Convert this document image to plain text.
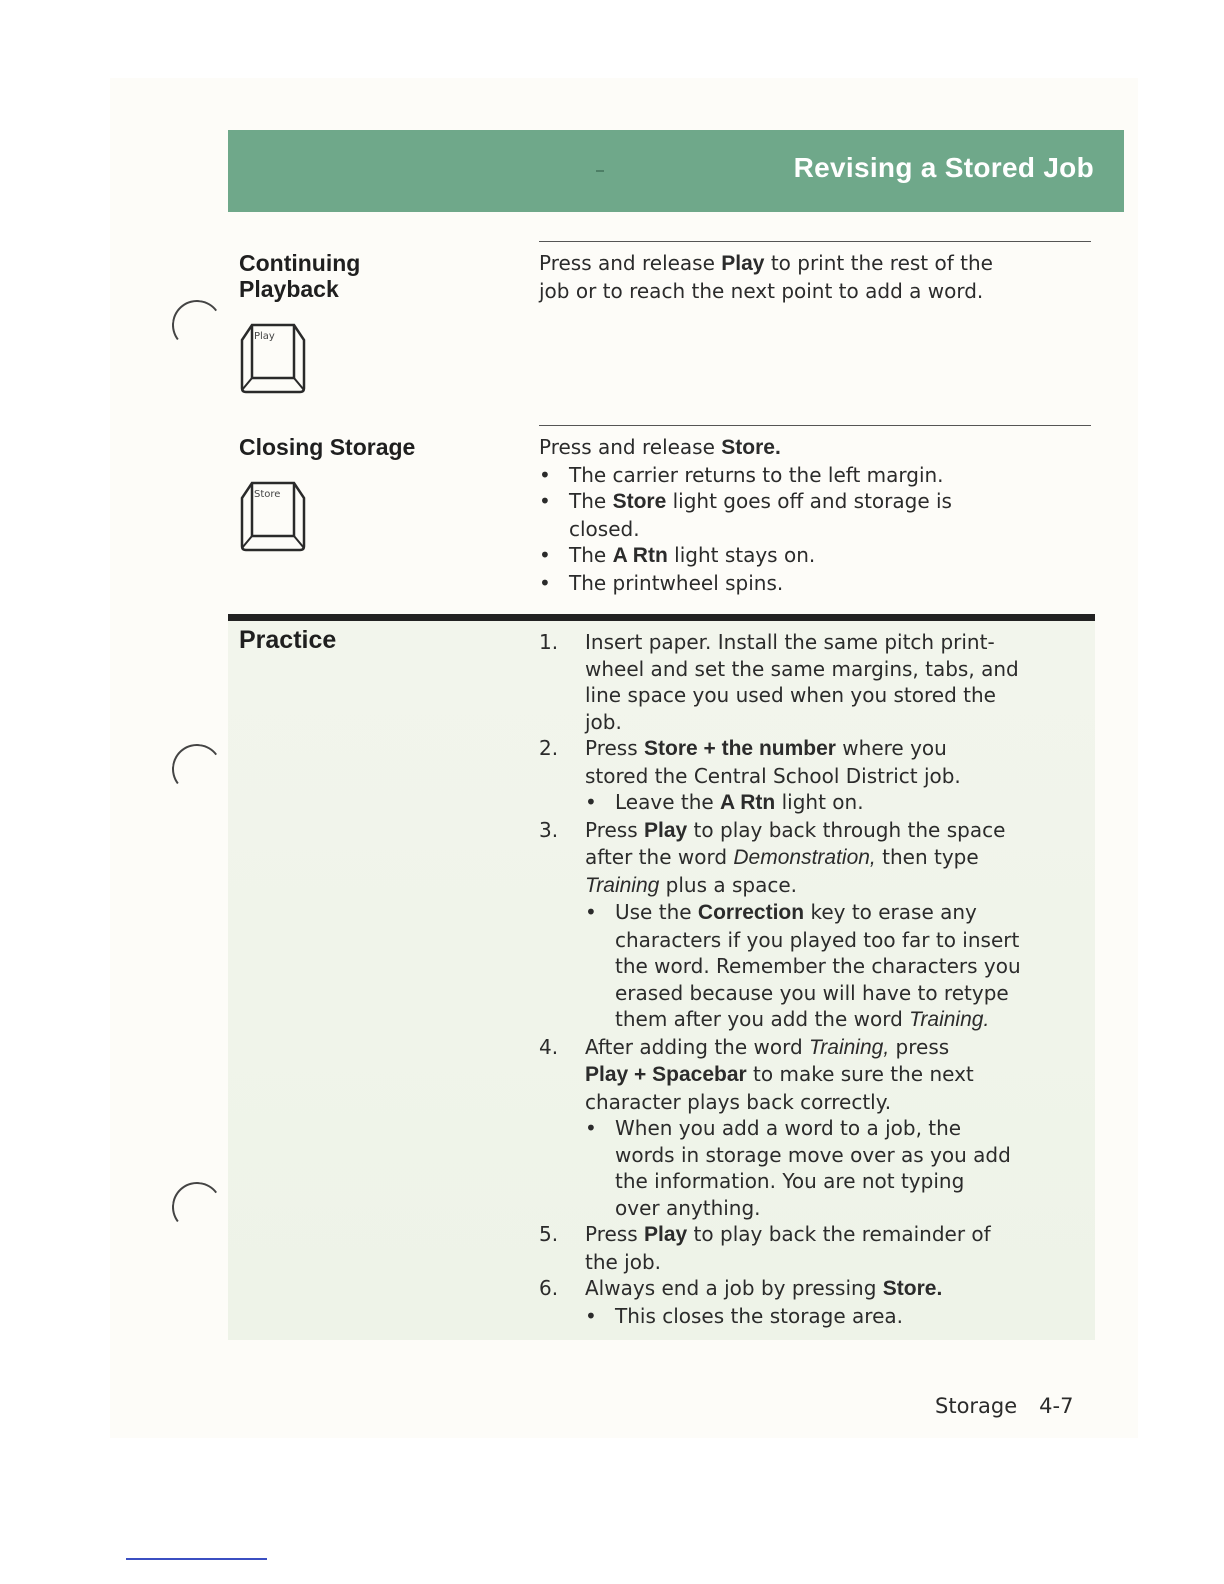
Revising a Stored Job
Continuing
Playback
Play
Press and release Play to print the rest of the
job or to reach the next point to add a word.
Closing Storage
Store
Press and release Store.
• The carrier returns to the left margin.
• The Store light goes off and storage is
closed.
• The A Rtn light stays on.
• The printwheel spins.
Practice	1. Insert paper. Install the same pitch print-
wheel and set the same margins, tabs, and
line space you used when you stored the
job.
2. Press Store + the number where you
stored the Central School District job.
• Leave the A Rtn light on.
3. Press Play to play back through the space
after the word Demonstration, then type
Training plus a space.
• Use the Correction key to erase any
characters if you played too far to insert
the word. Remember the characters you
erased because you will have to retype
them after you add the word Training.
4. After adding the word Training, press
Play + Spacebar to make sure the next
character plays back correctly.
• When you add a word to a job, the
words in storage move over as you add
the information. You are not typing
over anything.
5. Press Play to play back the remainder of
the job.
6. Always end a job by pressing Store.
• This closes the storage area.
Storage 4-7
